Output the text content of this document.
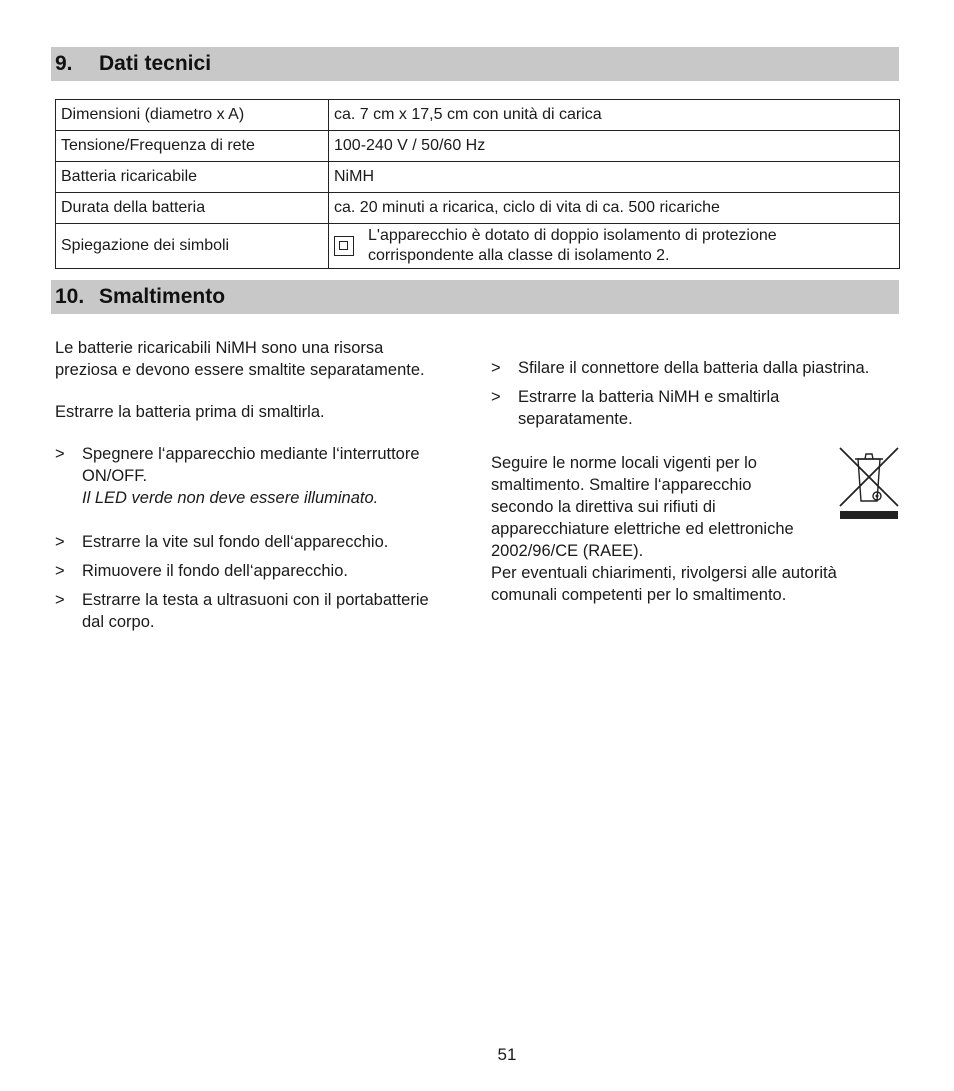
9.	Dati tecnici
Dimensioni (diametro x A)	ca. 7 cm x 17,5 cm con unità di carica
Tensione/Frequenza di rete	100-240 V / 50/60 Hz
Batteria ricaricabile	NiMH
Durata della batteria	ca. 20 minuti a ricarica, ciclo di vita di ca. 500 ricariche
Spiegazione dei simboli	L'apparecchio è dotato di doppio isolamento di protezione
corrispondente alla classe di isolamento 2.
10. Smaltimento

Le batterie ricaricabili NiMH sono una risorsa
preziosa e devono essere smaltite separatamente.

Estrarre la batteria prima di smaltirla.

>	Spegnere l‘apparecchio mediante l‘interruttore
ON/OFF.
Il LED verde non deve essere illuminato.
>	Estrarre la vite sul fondo dell‘apparecchio.
>	Rimuovere il fondo dell‘apparecchio.
>	Estrarre la testa a ultrasuoni con il portabatterie
dal corpo.
>	Sfilare il connettore della batteria dalla piastrina.
>	Estrarre la batteria NiMH e smaltirla
separatamente.
Seguire le norme locali vigenti per lo
smaltimento. Smaltire l‘apparecchio
secondo la direttiva sui rifiuti di
apparecchiature elettriche ed elettroniche
2002/96/CE (RAEE).

Per eventuali chiarimenti, rivolgersi alle autorità
comunali competenti per lo smaltimento.

51
